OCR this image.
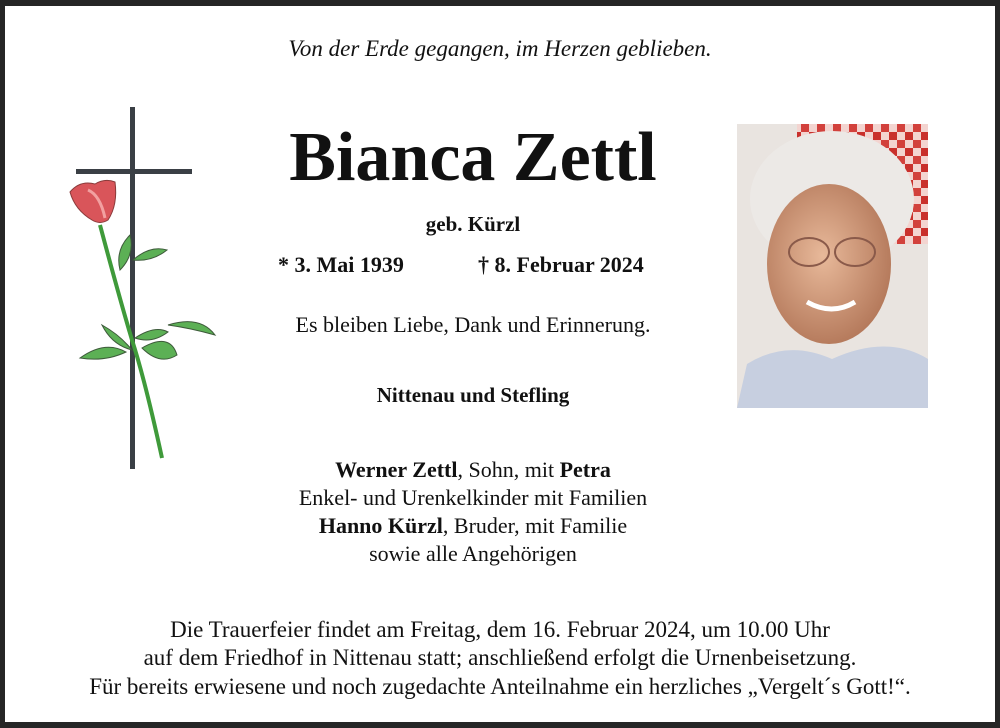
Von der Erde gegangen, im Herzen geblieben.
Bianca Zettl
geb. Kürzl
* 3. Mai 1939	† 8. Februar 2024
Es bleiben Liebe, Dank und Erinnerung.
Nittenau und Stefling
Werner Zettl, Sohn, mit Petra
Enkel- und Urenkelkinder mit Familien
Hanno Kürzl, Bruder, mit Familie
sowie alle Angehörigen
Die Trauerfeier findet am Freitag, dem 16. Februar 2024, um 10.00 Uhr
auf dem Friedhof in Nittenau statt; anschließend erfolgt die Urnenbeisetzung.
Für bereits erwiesene und noch zugedachte Anteilnahme ein herzliches „Vergelt´s Gott!“.
